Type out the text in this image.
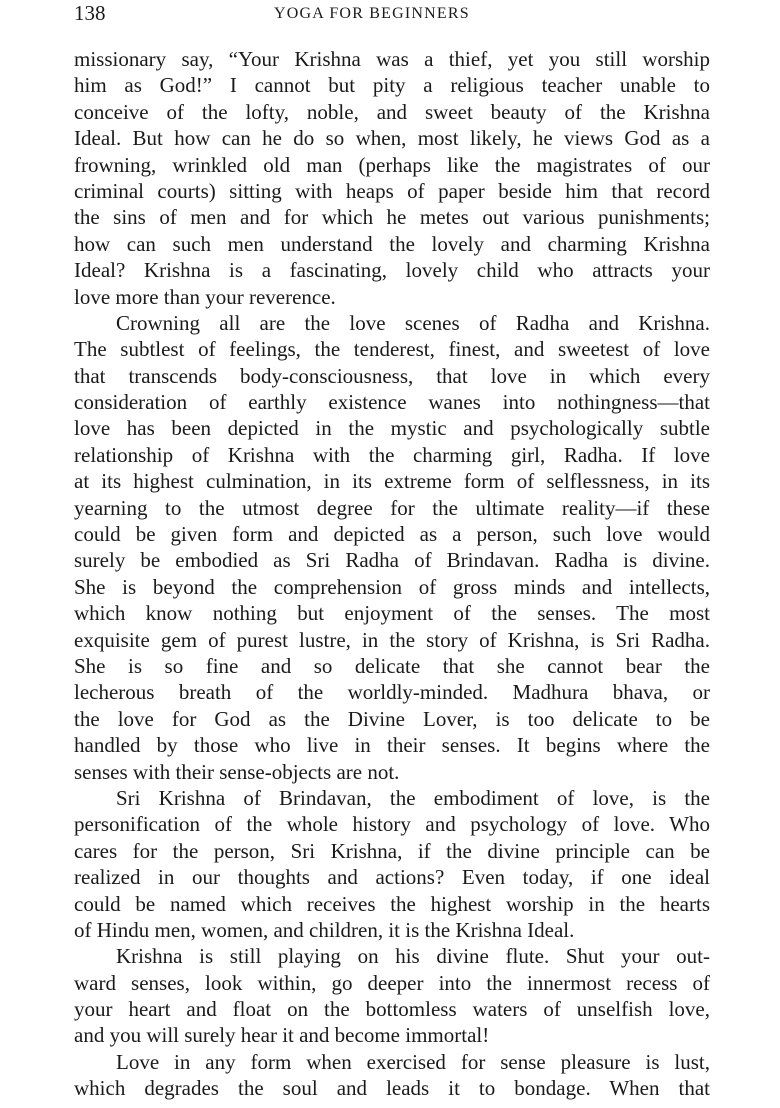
138	YOGA FOR BEGINNERS
missionary say, “Your Krishna was a thief, yet you still worship
him as God!” I cannot but pity a religious teacher unable to
conceive of the lofty, noble, and sweet beauty of the Krishna
Ideal. But how can he do so when, most likely, he views God as a
frowning, wrinkled old man (perhaps like the magistrates of our
criminal courts) sitting with heaps of paper beside him that record
the sins of men and for which he metes out various punishments;
how can such men understand the lovely and charming Krishna
Ideal? Krishna is a fascinating, lovely child who attracts your
love more than your reverence.
Crowning all are the love scenes of Radha and Krishna.
The subtlest of feelings, the tenderest, finest, and sweetest of love
that transcends body-consciousness, that love in which every
consideration of earthly existence wanes into nothingness—that
love has been depicted in the mystic and psychologically subtle
relationship of Krishna with the charming girl, Radha. If love
at its highest culmination, in its extreme form of selflessness, in its
yearning to the utmost degree for the ultimate reality—if these
could be given form and depicted as a person, such love would
surely be embodied as Sri Radha of Brindavan. Radha is divine.
She is beyond the comprehension of gross minds and intellects,
which know nothing but enjoyment of the senses. The most
exquisite gem of purest lustre, in the story of Krishna, is Sri Radha.
She is so fine and so delicate that she cannot bear the
lecherous breath of the worldly-minded. Madhura bhava, or
the love for God as the Divine Lover, is too delicate to be
handled by those who live in their senses. It begins where the
senses with their sense-objects are not.
Sri Krishna of Brindavan, the embodiment of love, is the
personification of the whole history and psychology of love. Who
cares for the person, Sri Krishna, if the divine principle can be
realized in our thoughts and actions? Even today, if one ideal
could be named which receives the highest worship in the hearts
of Hindu men, women, and children, it is the Krishna Ideal.
Krishna is still playing on his divine flute. Shut your out-
ward senses, look within, go deeper into the innermost recess of
your heart and float on the bottomless waters of unselfish love,
and you will surely hear it and become immortal!
Love in any form when exercised for sense pleasure is lust,
which degrades the soul and leads it to bondage. When that
